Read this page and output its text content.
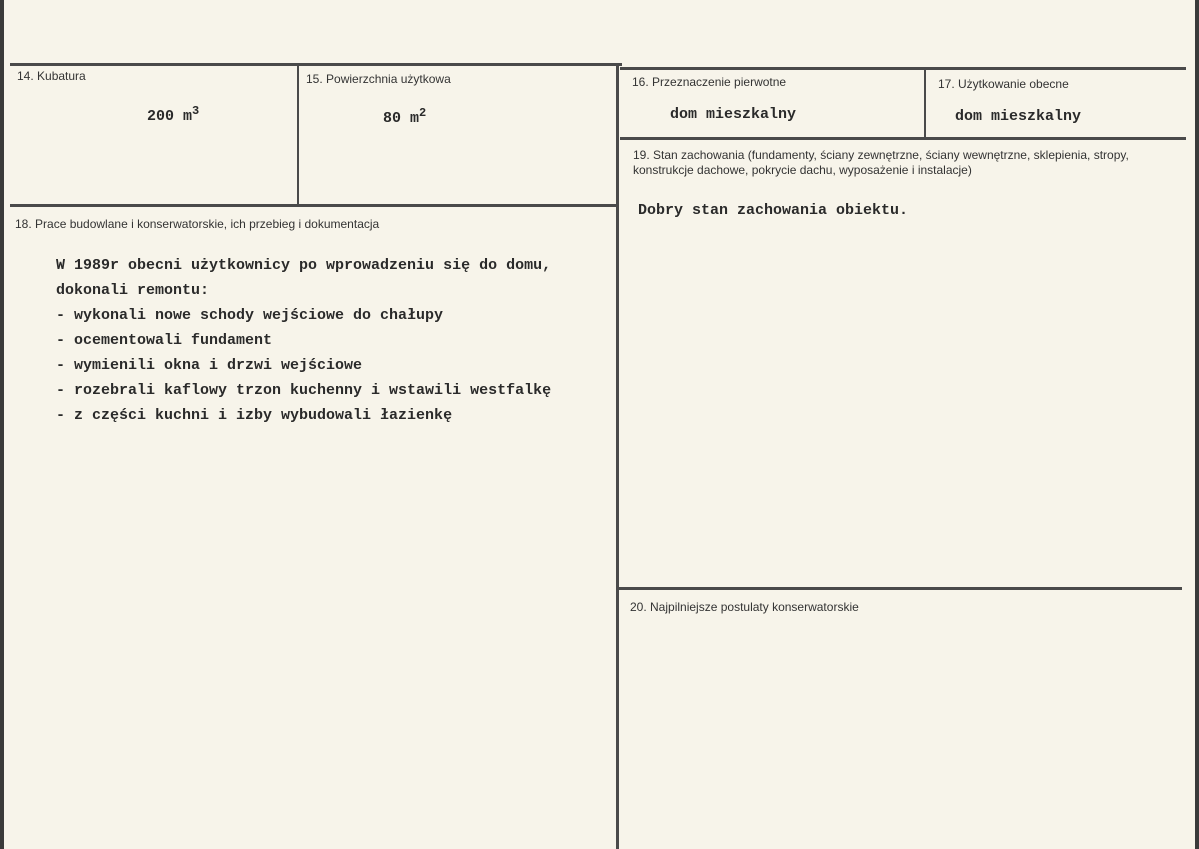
14. Kubatura
200 $m^3$
15. Powierzchnia użytkowa
80 $m^2$
16. Przeznaczenie pierwotne
dom mieszkalny
17. Użytkowanie obecne
dom mieszkalny
19. Stan zachowania (fundamenty, ściany zewnętrzne, ściany wewnętrzne, sklepienia, stropy, konstrukcje dachowe, pokrycie dachu, wyposażenie i instalacje)
Dobry stan zachowania obiektu.
18. Prace budowlane i konserwatorskie, ich przebieg i dokumentacja
W 1989r obecni użytkownicy po wprowadzeniu się do domu,
dokonali remontu:
- wykonali nowe schody wejściowe do chałupy
- ocementowali fundament
- wymienili okna i drzwi wejściowe
- rozebrali kaflowy trzon kuchenny i wstawili westfalkę
- z części kuchni i izby wybudowali łazienkę
20. Najpilniejsze postulaty konserwatorskie
